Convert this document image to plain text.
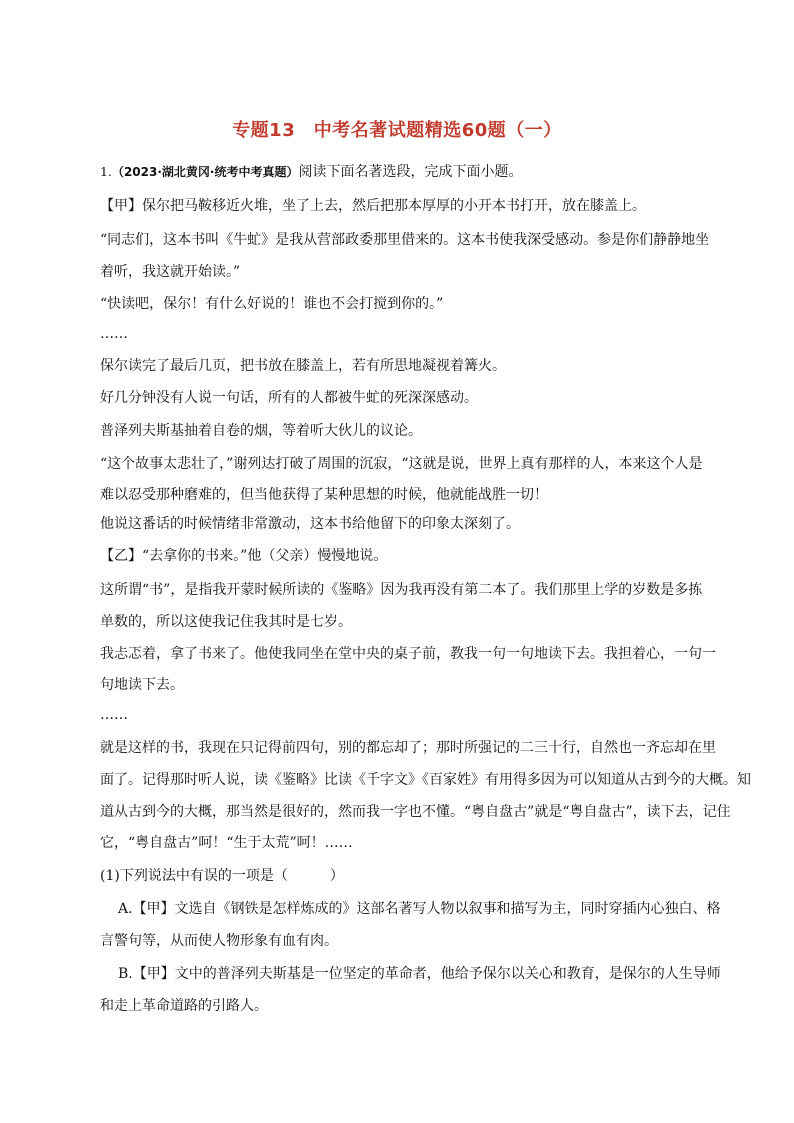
专题13　中考名著试题精选60题（一）
1.（2023·湖北黄冈·统考中考真题）阅读下面名著选段，完成下面小题。
【甲】保尔把马鞍移近火堆，坐了上去，然后把那本厚厚的小开本书打开，放在膝盖上。
“同志们，这本书叫《牛虻》是我从营部政委那里借来的。这本书使我深受感动。参是你们静静地坐
着听，我这就开始读。”
“快读吧，保尔！有什么好说的！谁也不会打搅到你的。”
……
保尔读完了最后几页，把书放在膝盖上，若有所思地凝视着篝火。
好几分钟没有人说一句话，所有的人都被牛虻的死深深感动。
普泽列夫斯基抽着自卷的烟，等着听大伙儿的议论。
“这个故事太悲壮了，”谢列达打破了周围的沉寂，“这就是说，世界上真有那样的人，本来这个人是
难以忍受那种磨难的，但当他获得了某种思想的时候，他就能战胜一切！
他说这番话的时候情绪非常激动，这本书给他留下的印象太深刻了。
【乙】“去拿你的书来。”他（父亲）慢慢地说。
这所谓“书”，是指我开蒙时候所读的《鉴略》因为我再没有第二本了。我们那里上学的岁数是多拣
单数的，所以这使我记住我其时是七岁。
我忐忑着，拿了书来了。他使我同坐在堂中央的桌子前，教我一句一句地读下去。我担着心，一句一
句地读下去。
……
就是这样的书，我现在只记得前四句，别的都忘却了；那时所强记的二三十行，自然也一齐忘却在里
面了。记得那时听人说，读《鉴略》比读《千字文》《百家姓》有用得多因为可以知道从古到今的大概。知
道从古到今的大概，那当然是很好的，然而我一字也不懂。“粤自盘古”就是“粤自盘古”，读下去，记住
它，“粤自盘古”呵！“生于太荒”呵！……
(1)下列说法中有误的一项是（　　　）
A.【甲】文选自《钢铁是怎样炼成的》这部名著写人物以叙事和描写为主，同时穿插内心独白、格
言警句等，从而使人物形象有血有肉。
B.【甲】文中的普泽列夫斯基是一位坚定的革命者，他给予保尔以关心和教育，是保尔的人生导师
和走上革命道路的引路人。
